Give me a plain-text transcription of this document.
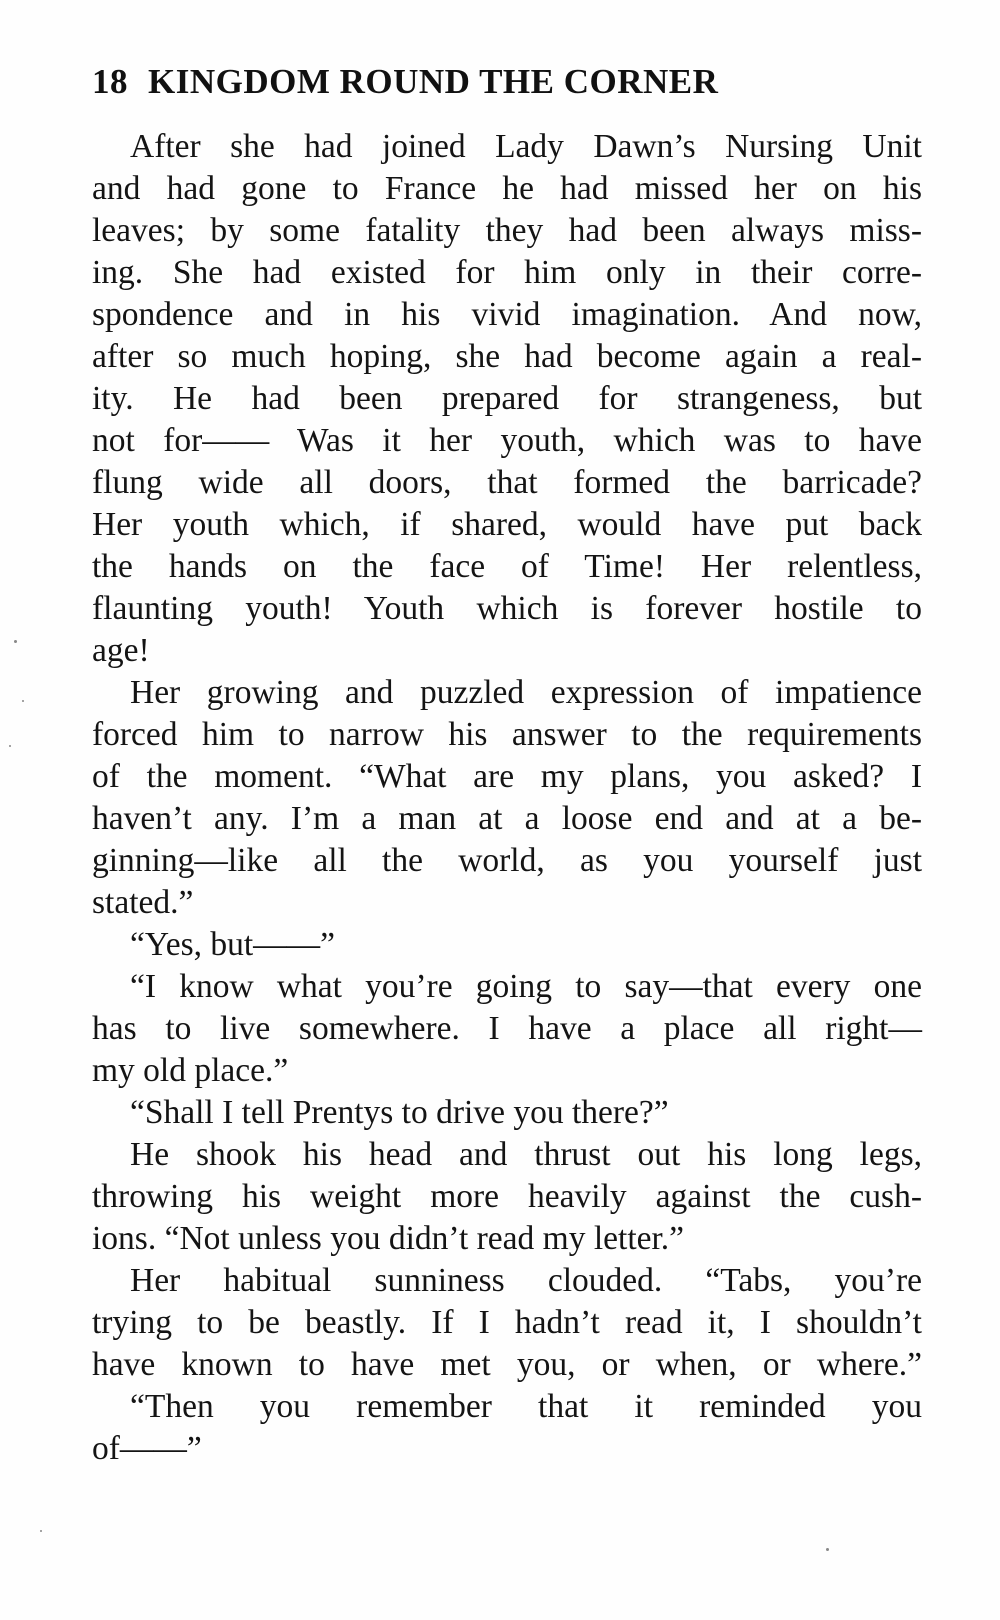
18 KINGDOM ROUND THE CORNER
After she had joined Lady Dawn’s Nursing Unit
and had gone to France he had missed her on his
leaves; by some fatality they had been always miss-
ing. She had existed for him only in their corre-
spondence and in his vivid imagination. And now,
after so much hoping, she had become again a real-
ity. He had been prepared for strangeness, but
not for—— Was it her youth, which was to have
flung wide all doors, that formed the barricade?
Her youth which, if shared, would have put back
the hands on the face of Time! Her relentless,
flaunting youth! Youth which is forever hostile to
age!
Her growing and puzzled expression of impatience
forced him to narrow his answer to the requirements
of the moment. “What are my plans, you asked? I
haven’t any. I’m a man at a loose end and at a be-
ginning—like all the world, as you yourself just
stated.”
“Yes, but——”
“I know what you’re going to say—that every one
has to live somewhere. I have a place all right—
my old place.”
“Shall I tell Prentys to drive you there?”
He shook his head and thrust out his long legs,
throwing his weight more heavily against the cush-
ions. “Not unless you didn’t read my letter.”
Her habitual sunniness clouded. “Tabs, you’re
trying to be beastly. If I hadn’t read it, I shouldn’t
have known to have met you, or when, or where.”
“Then you remember that it reminded you
of——”
